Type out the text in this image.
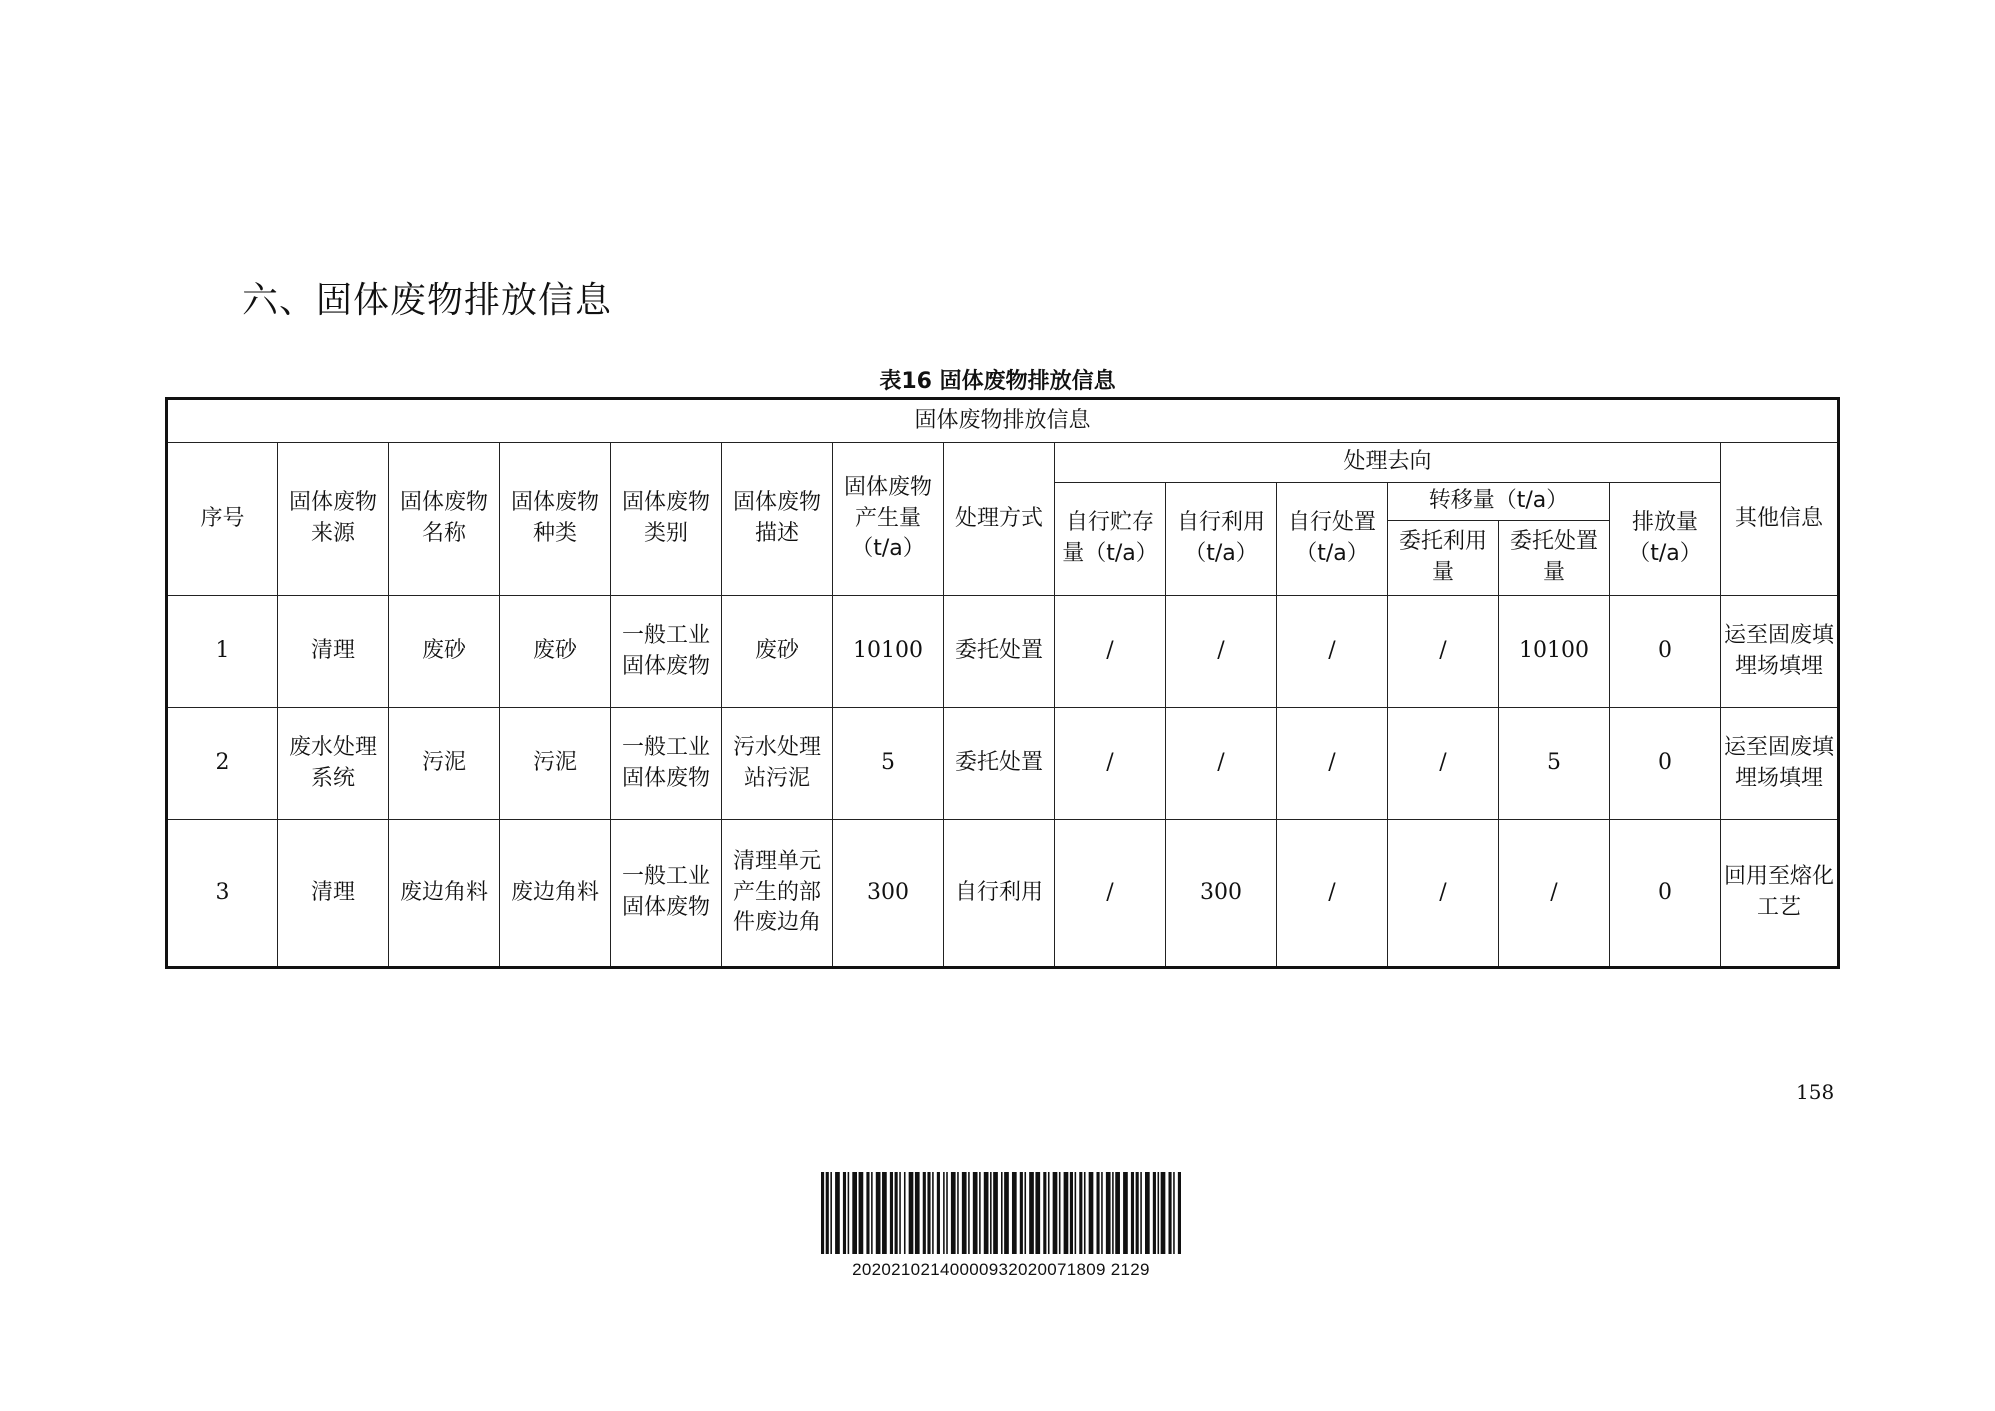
六、固体废物排放信息
表16 固体废物排放信息
固体废物排放信息														
序号	固体废物来源	固体废物名称	固体废物种类	固体废物类别	固体废物描述	固体废物产生量（t/a）	处理方式	处理去向						其他信息
								自行贮存量（t/a）	自行利用（t/a）	自行处置（t/a）	转移量（t/a）		排放量（t/a）	
											委托利用量	委托处置量		
1	清理	废砂	废砂	一般工业固体废物	废砂	10100	委托处置	/	/	/	/	10100	0	运至固废填埋场填埋
2	废水处理系统	污泥	污泥	一般工业固体废物	污水处理站污泥	5	委托处置	/	/	/	/	5	0	运至固废填埋场填埋
3	清理	废边角料	废边角料	一般工业固体废物	清理单元产生的部件废边角	300	自行利用	/	300	/	/	/	0	回用至熔化工艺
158
20202102140000932020071809 2129
